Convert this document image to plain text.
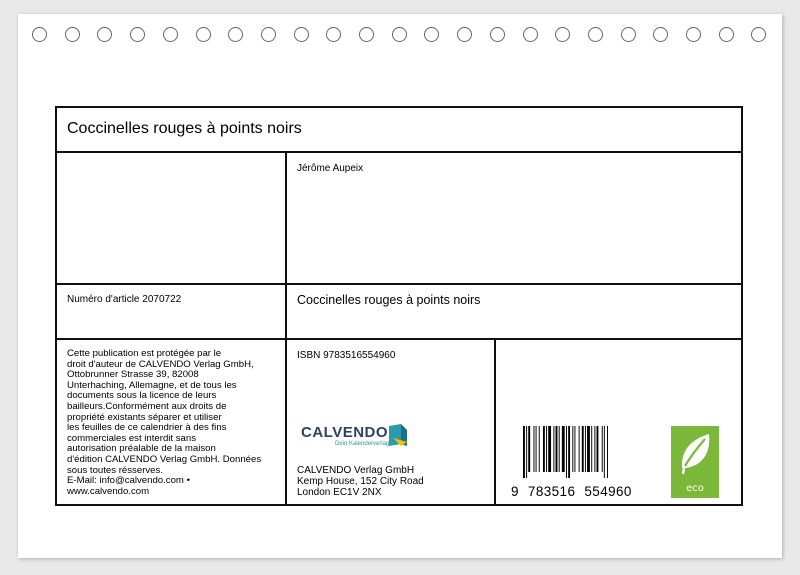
Coccinelles rouges à points noirs
Jérôme Aupeix
Numéro d'article 2070722	Coccinelles rouges à points noirs
Cette publication est protégée par le
droit d'auteur de CALVENDO Verlag GmbH,
Ottobrunner Strasse 39, 82008
Unterhaching, Allemagne, et de tous les
documents sous la licence de leurs
bailleurs.Conformément aux droits de
propriété existants séparer et utiliser
les feuilles de ce calendrier à des fins
commerciales est interdit sans
autorisation préalable de la maison
d'édition CALVENDO Verlag GmbH. Données
sous toutes résserves.
E-Mail: info@calvendo.com •
www.calvendo.com
ISBN 9783516554960
CALVENDO
Dein Kalenderverlag
CALVENDO Verlag GmbH
Kemp House, 152 City Road
London EC1V 2NX	9 783516 554960	eco
